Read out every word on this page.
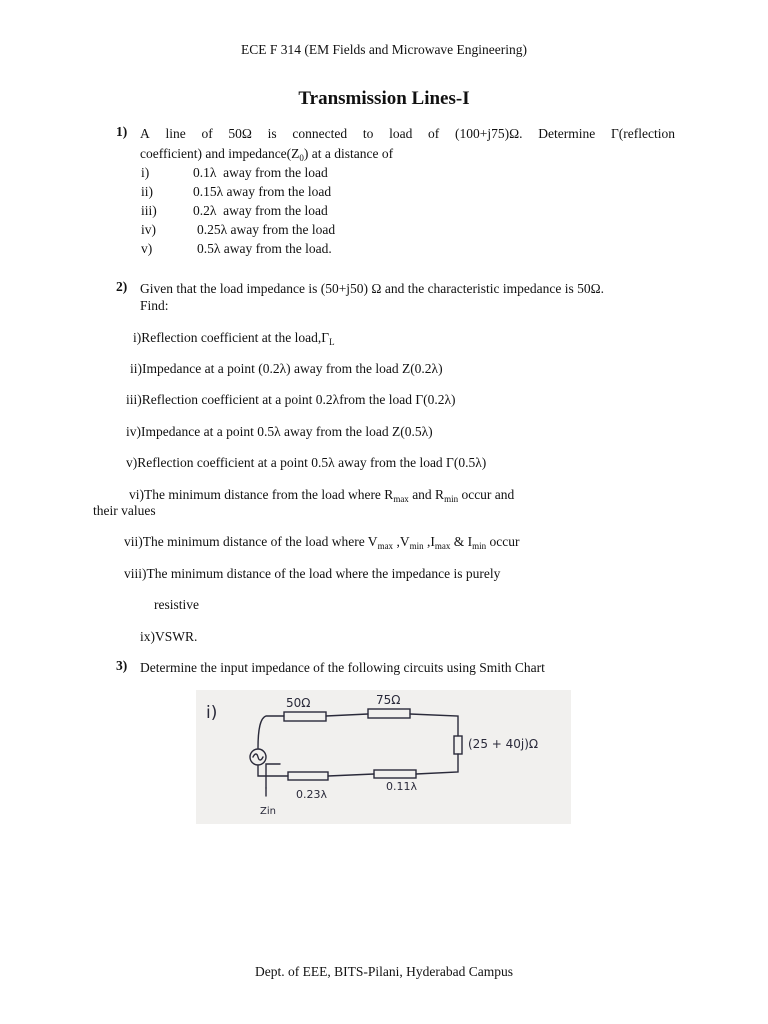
ECE F 314 (EM Fields and Microwave Engineering)
Transmission Lines-I
1) A line of 50Ω is connected to load of (100+j75)Ω. Determine Γ(reflection
coefficient) and $impedance(Z_0)$ at a distance of
i)	0.1λ  away from the load
ii)	0.15λ away from the load
iii)	0.2λ  away from the load
iv)	0.25λ away from the load
v)	0.5λ away from the load.
2) Given that the load impedance is (50+j50) Ω and the characteristic impedance is 50Ω.
Find:
i)Reflection coefficient at the $load,\Gamma_L$
ii)Impedance at a point (0.2λ) away from the load Z(0.2λ)
iii)Reflection coefficient at a point 0.2λfrom the load Γ(0.2λ)
iv)Impedance at a point 0.5λ away from the load Z(0.5λ)
v)Reflection coefficient at a point 0.5λ away from the load Γ(0.5λ)
vi)The minimum distance from the load where $R_{max}$ and $R_{min}$ occur and
their values
vii)The minimum distance of the load where $V_{max}$ $,V_{min}$ $,I_{max}$ & $I_{min}$ occur
viii)The minimum distance of the load where the impedance is purely
resistive
ix)VSWR.
3) Determine the input impedance of the following circuits using Smith Chart
i)	50Ω	75Ω
(25 + 40j)Ω
0.23λ
0.11λ
Zin
Dept. of EEE, BITS-Pilani, Hyderabad Campus
